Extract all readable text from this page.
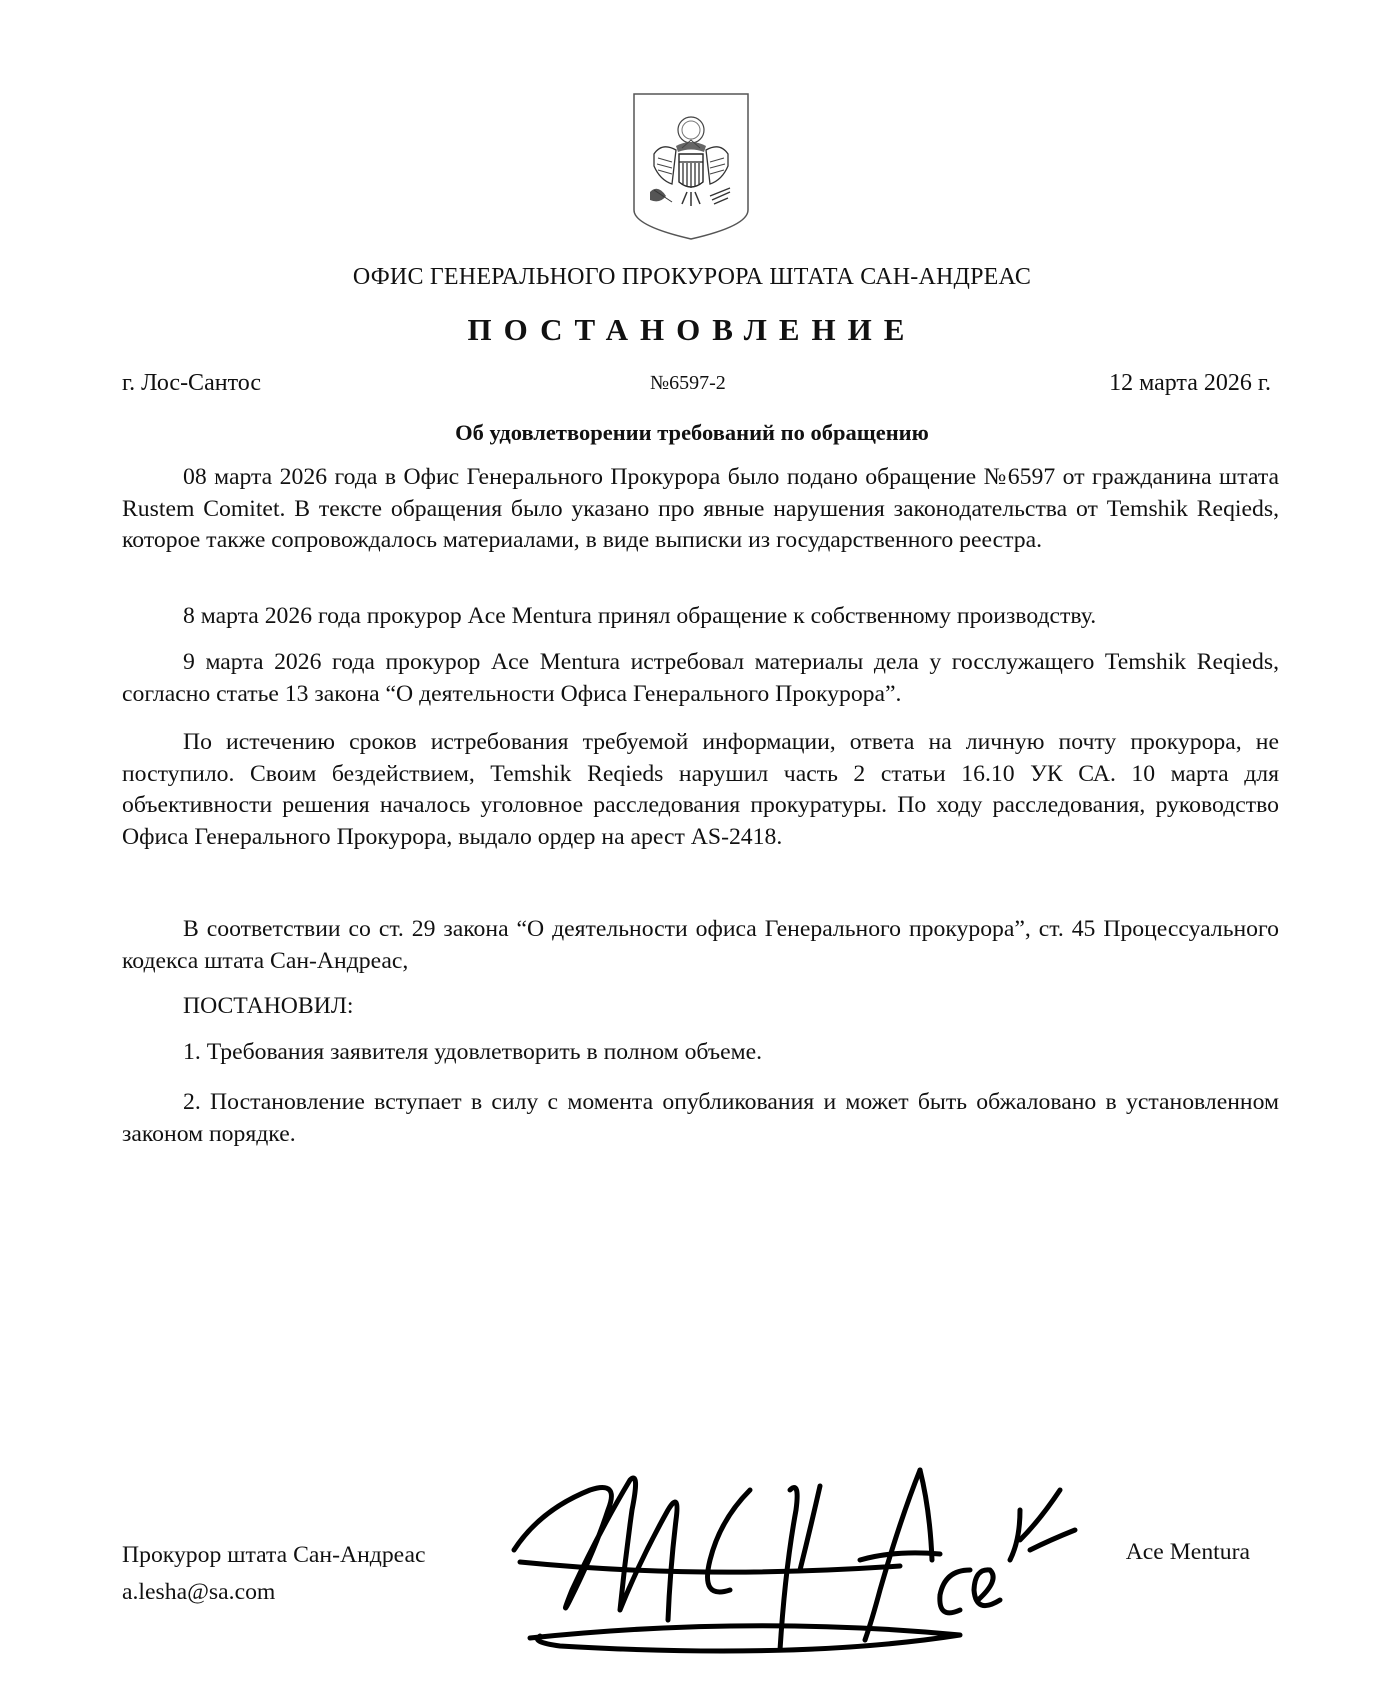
ОФИС ГЕНЕРАЛЬНОГО ПРОКУРОРА ШТАТА САН-АНДРЕАС
ПОСТАНОВЛЕНИЕ
г. Лос-Сантос	№6597-2	12 марта 2026 г.
Об удовлетворении требований по обращению

08 марта 2026 года в Офис Генерального Прокурора было подано обращение №6597 от гражданина штата Rustem Comitet. В тексте обращения было указано про явные нарушения законодательства от Temshik Reqieds, которое также сопровождалось материалами, в виде выписки из государственного реестра.

8 марта 2026 года прокурор Ace Mentura принял обращение к собственному производству.

9 марта 2026 года прокурор Ace Mentura истребовал материалы дела у госслужащего Temshik Reqieds, согласно статье 13 закона “О деятельности Офиса Генерального Прокурора”.

По истечению сроков истребования требуемой информации, ответа на личную почту прокурора, не поступило. Своим бездействием, Temshik Reqieds нарушил часть 2 статьи 16.10 УК СА. 10 марта для объективности решения началось уголовное расследования прокуратуры. По ходу расследования, руководство Офиса Генерального Прокурора, выдало ордер на арест AS-2418.

В соответствии со ст. 29 закона “О деятельности офиса Генерального прокурора”, ст. 45 Процессуального кодекса штата Сан-Андреас,

ПОСТАНОВИЛ:

1. Требования заявителя удовлетворить в полном объеме.

2. Постановление вступает в силу с момента опубликования и может быть обжаловано в установленном законом порядке.

Прокурор штата Сан-Андреас
a.lesha@sa.com
Ace Mentura
